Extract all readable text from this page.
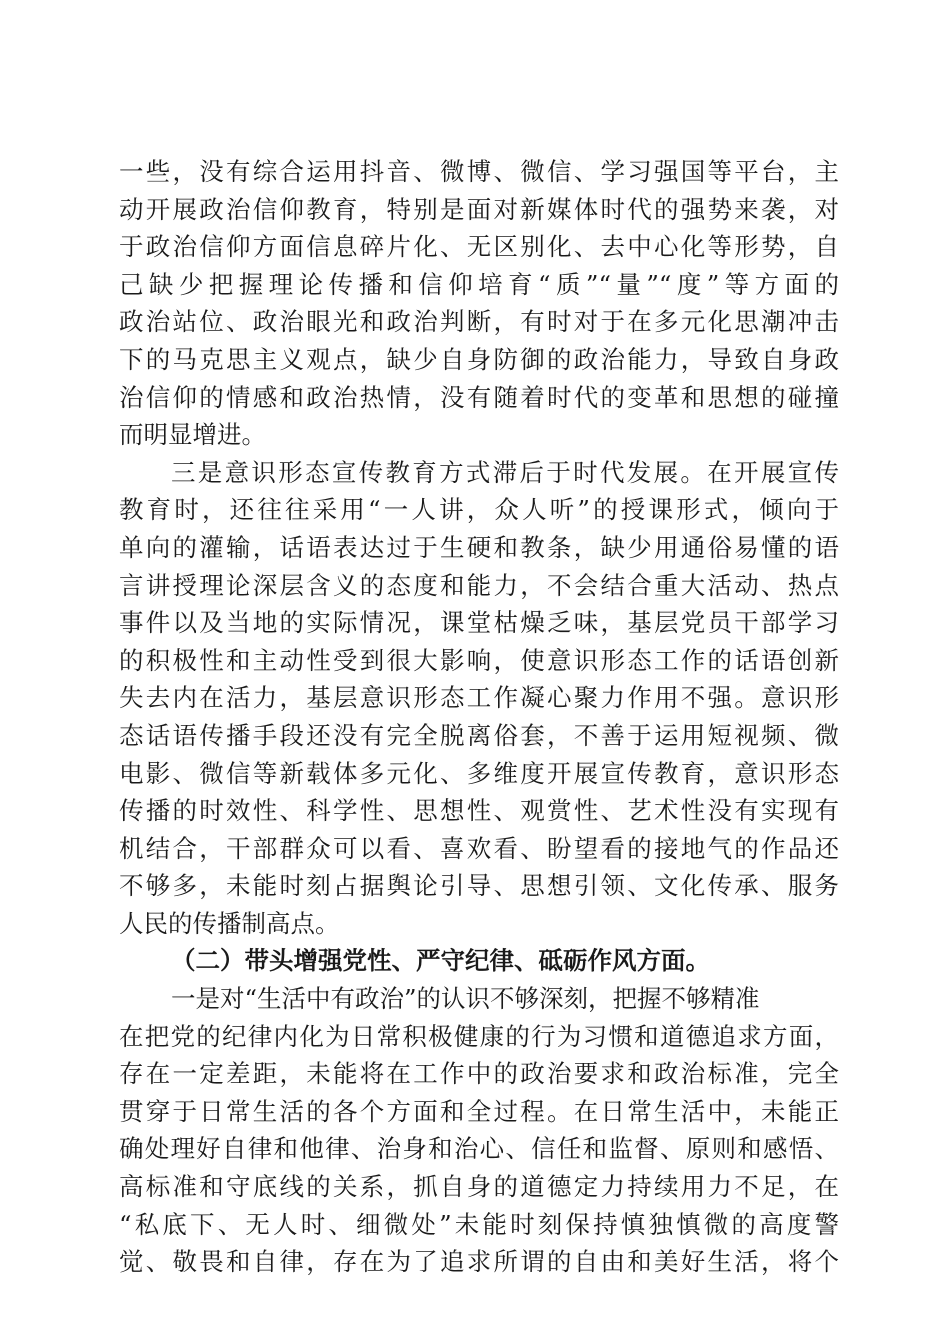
一些，没有综合运用抖音、微博、微信、学习强国等平台，主
动开展政治信仰教育，特别是面对新媒体时代的强势来袭，对
于政治信仰方面信息碎片化、无区别化、去中心化等形势，自
己缺少把握理论传播和信仰培育“质”“量”“度”等方面的
政治站位、政治眼光和政治判断，有时对于在多元化思潮冲击
下的马克思主义观点，缺少自身防御的政治能力，导致自身政
治信仰的情感和政治热情，没有随着时代的变革和思想的碰撞
而明显增进。
三是意识形态宣传教育方式滞后于时代发展。在开展宣传
教育时，还往往采用“一人讲，众人听”的授课形式，倾向于
单向的灌输，话语表达过于生硬和教条，缺少用通俗易懂的语
言讲授理论深层含义的态度和能力，不会结合重大活动、热点
事件以及当地的实际情况，课堂枯燥乏味，基层党员干部学习
的积极性和主动性受到很大影响，使意识形态工作的话语创新
失去内在活力，基层意识形态工作凝心聚力作用不强。意识形
态话语传播手段还没有完全脱离俗套，不善于运用短视频、微
电影、微信等新载体多元化、多维度开展宣传教育，意识形态
传播的时效性、科学性、思想性、观赏性、艺术性没有实现有
机结合，干部群众可以看、喜欢看、盼望看的接地气的作品还
不够多，未能时刻占据舆论引导、思想引领、文化传承、服务
人民的传播制高点。
（二）带头增强党性、严守纪律、砥砺作风方面。
一是对“生活中有政治”的认识不够深刻，把握不够精准
在把党的纪律内化为日常积极健康的行为习惯和道德追求方面，
存在一定差距，未能将在工作中的政治要求和政治标准，完全
贯穿于日常生活的各个方面和全过程。在日常生活中，未能正
确处理好自律和他律、治身和治心、信任和监督、原则和感悟、
高标准和守底线的关系，抓自身的道德定力持续用力不足，在
“私底下、无人时、细微处”未能时刻保持慎独慎微的高度警
觉、敬畏和自律，存在为了追求所谓的自由和美好生活，将个
